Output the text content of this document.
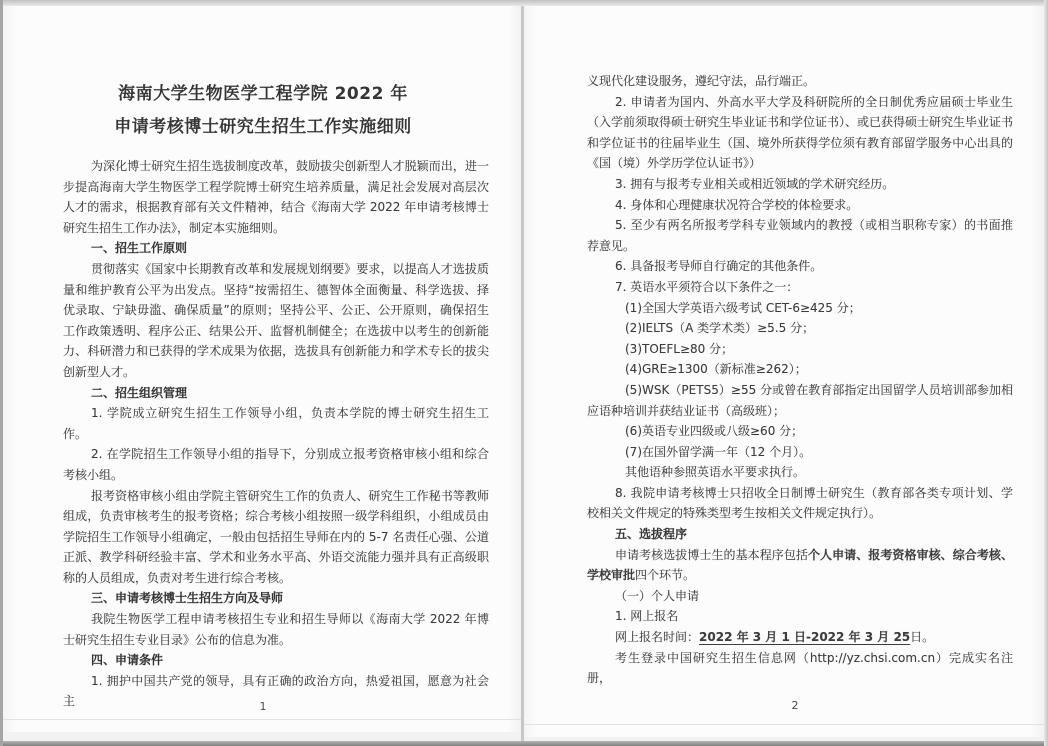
海南大学生物医学工程学院 2022 年
申请考核博士研究生招生工作实施细则

为深化博士研究生招生选拔制度改革，鼓励拔尖创新型人才脱颖而出，进一步提高海南大学生物医学工程学院博士研究生培养质量，满足社会发展对高层次人才的需求，根据教育部有关文件精神，结合《海南大学 2022 年申请考核博士研究生招生工作办法》，制定本实施细则。

一、招生工作原则

贯彻落实《国家中长期教育改革和发展规划纲要》要求，以提高人才选拔质量和维护教育公平为出发点。坚持“按需招生、德智体全面衡量、科学选拔、择优录取、宁缺毋滥、确保质量”的原则；坚持公平、公正、公开原则，确保招生工作政策透明、程序公正、结果公开、监督机制健全；在选拔中以考生的创新能力、科研潜力和已获得的学术成果为依据，选拔具有创新能力和学术专长的拔尖创新型人才。

二、招生组织管理

1. 学院成立研究生招生工作领导小组，负责本学院的博士研究生招生工作。

2. 在学院招生工作领导小组的指导下，分别成立报考资格审核小组和综合考核小组。

报考资格审核小组由学院主管研究生工作的负责人、研究生工作秘书等教师组成，负责审核考生的报考资格；综合考核小组按照一级学科组织，小组成员由学院招生工作领导小组确定，一般由包括招生导师在内的 5-7 名责任心强、公道正派、教学科研经验丰富、学术和业务水平高、外语交流能力强并具有正高级职称的人员组成，负责对考生进行综合考核。

三、申请考核博士生招生方向及导师

我院生物医学工程申请考核招生专业和招生导师以《海南大学 2022 年博士研究生招生专业目录》公布的信息为准。

四、申请条件

1. 拥护中国共产党的领导，具有正确的政治方向，热爱祖国，愿意为社会主	1

义现代化建设服务，遵纪守法，品行端正。

2. 申请者为国内、外高水平大学及科研院所的全日制优秀应届硕士毕业生（入学前须取得硕士研究生毕业证书和学位证书）、或已获得硕士研究生毕业证书和学位证书的往届毕业生（国、境外所获得学位须有教育部留学服务中心出具的《国（境）外学历学位认证书》）

3. 拥有与报考专业相关或相近领域的学术研究经历。

4. 身体和心理健康状况符合学校的体检要求。

5. 至少有两名所报考学科专业领域内的教授（或相当职称专家）的书面推荐意见。

6. 具备报考导师自行确定的其他条件。

7. 英语水平须符合以下条件之一：

(1)全国大学英语六级考试 CET-6≥425 分；

(2)IELTS（A 类学术类）≥5.5 分；

(3)TOEFL≥80 分；

(4)GRE≥1300（新标准≥262）；

(5)WSK（PETS5）≥55 分或曾在教育部指定出国留学人员培训部参加相应语种培训并获结业证书（高级班）；

(6)英语专业四级或八级≥60 分；

(7)在国外留学满一年（12 个月）。

其他语种参照英语水平要求执行。

8. 我院申请考核博士只招收全日制博士研究生（教育部各类专项计划、学校相关文件规定的特殊类型考生按相关文件规定执行）。

五、选拔程序

申请考核选拔博士生的基本程序包括个人申请、报考资格审核、综合考核、学校审批四个环节。

（一）个人申请

1. 网上报名

网上报名时间：2022 年 3 月 1 日-2022 年 3 月 25日。

考生登录中国研究生招生信息网（http://yz.chsi.com.cn）完成实名注册，

2
